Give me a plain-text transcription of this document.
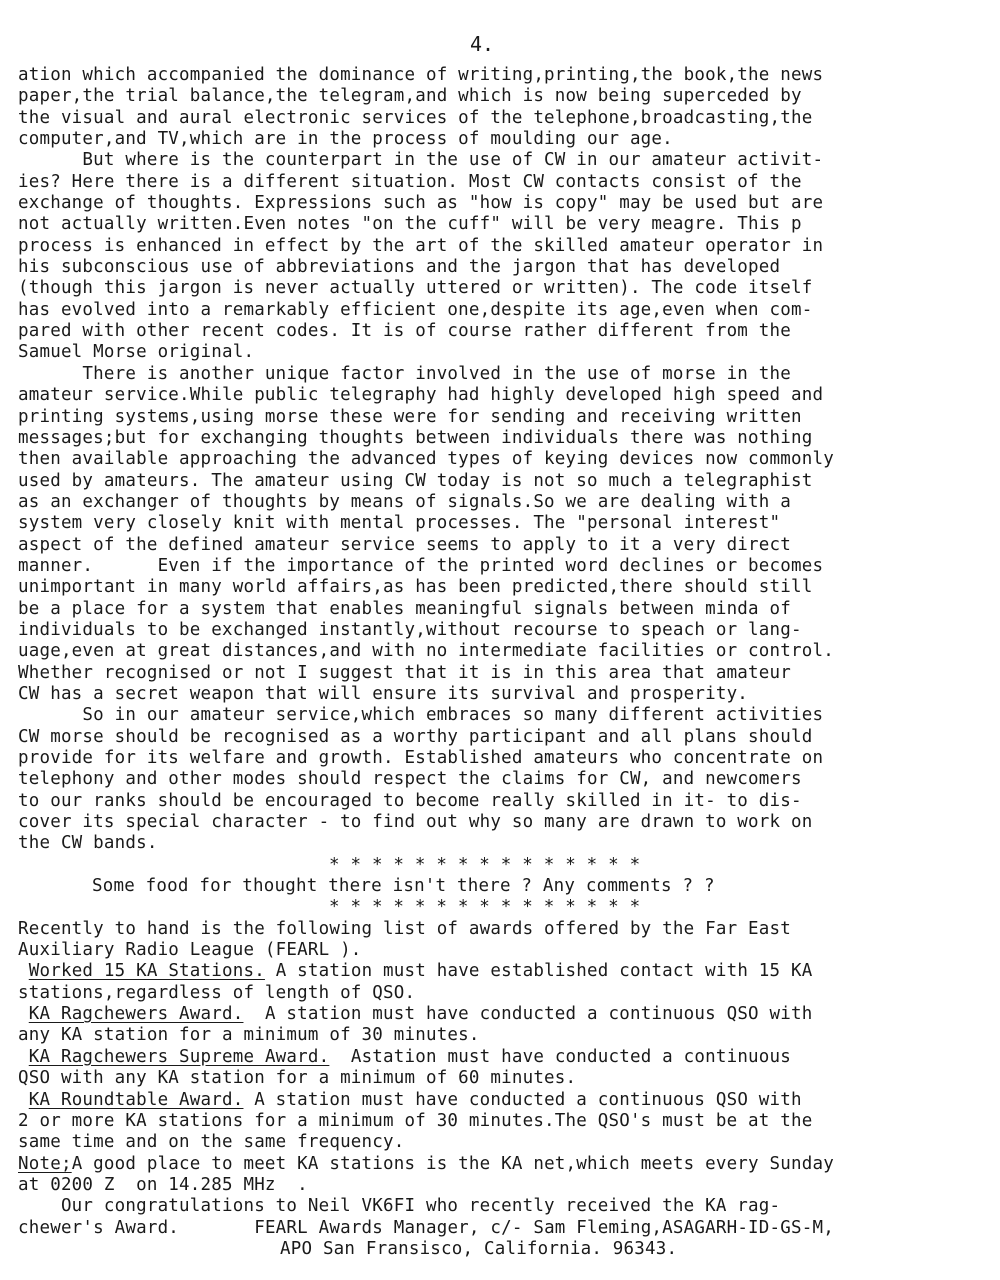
4.
ation which accompanied the dominance of writing,printing,the book,the news
paper,the trial balance,the telegram,and which is now being superceded by
the visual and aural electronic services of the telephone,broadcasting,the
computer,and TV,which are in the process of moulding our age.
But where is the counterpart in the use of CW in our amateur activit-
ies? Here there is a different situation. Most CW contacts consist of the
exchange of thoughts. Expressions such as "how is copy" may be used but are
not actually written.Even notes "on the cuff" will be very meagre. This p
process is enhanced in effect by the art of the skilled amateur operator in
his subconscious use of abbreviations and the jargon that has developed
(though this jargon is never actually uttered or written). The code itself
has evolved into a remarkably efficient one,despite its age,even when com-
pared with other recent codes. It is of course rather different from the
Samuel Morse original.
There is another unique factor involved in the use of morse in the
amateur service.While public telegraphy had highly developed high speed and
printing systems,using morse these were for sending and receiving written
messages;but for exchanging thoughts between individuals there was nothing
then available approaching the advanced types of keying devices now commonly
used by amateurs. The amateur using CW today is not so much a telegraphist
as an exchanger of thoughts by means of signals.So we are dealing with a
system very closely knit with mental processes. The "personal interest"
aspect of the defined amateur service seems to apply to it a very direct
manner.      Even if the importance of the printed word declines or becomes
unimportant in many world affairs,as has been predicted,there should still
be a place for a system that enables meaningful signals between minda of
individuals to be exchanged instantly,without recourse to speach or lang-
uage,even at great distances,and with no intermediate facilities or control.
Whether recognised or not I suggest that it is in this area that amateur
CW has a secret weapon that will ensure its survival and prosperity.
So in our amateur service,which embraces so many different activities
CW morse should be recognised as a worthy participant and all plans should
provide for its welfare and growth. Established amateurs who concentrate on
telephony and other modes should respect the claims for CW, and newcomers
to our ranks should be encouraged to become really skilled in it- to dis-
cover its special character - to find out why so many are drawn to work on
the CW bands.
* * * * * * * * * * * * * * *
Some food for thought there isn't there ? Any comments ? ?
* * * * * * * * * * * * * * *
Recently to hand is the following list of awards offered by the Far East
Auxiliary Radio League (FEARL ).
Worked 15 KA Stations. A station must have established contact with 15 KA
stations,regardless of length of QSO.
KA Ragchewers Award.  A station must have conducted a continuous QSO with
any KA station for a minimum of 30 minutes.
KA Ragchewers Supreme Award.  Astation must have conducted a continuous
QSO with any KA station for a minimum of 60 minutes.
KA Roundtable Award. A station must have conducted a continuous QSO with
2 or more KA stations for a minimum of 30 minutes.The QSO's must be at the
same time and on the same frequency.
Note;A good place to meet KA stations is the KA net,which meets every Sunday
at 0200 Z  on 14.285 MHz  .
Our congratulations to Neil VK6FI who recently received the KA rag-
chewer's Award.	FEARL Awards Manager, c/- Sam Fleming,ASAGARH-ID-GS-M,
APO San Fransisco, California. 96343.
